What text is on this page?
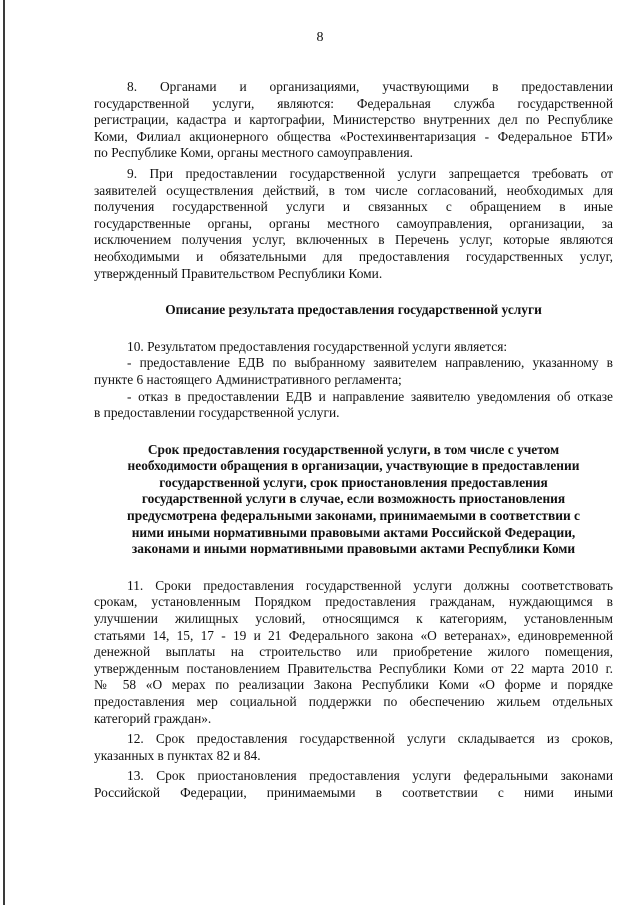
8

8. Органами и организациями, участвующими в предоставлении

государственной услуги, являются: Федеральная служба государственной

регистрации, кадастра и картографии, Министерство внутренних дел по Республике

Коми, Филиал акционерного общества «Ростехинвентаризация - Федеральное БТИ»

по Республике Коми, органы местного самоуправления.

9. При предоставлении государственной услуги запрещается требовать от

заявителей осуществления действий, в том числе согласований, необходимых для

получения государственной услуги и связанных с обращением в иные

государственные органы, органы местного самоуправления, организации, за

исключением получения услуг, включенных в Перечень услуг, которые являются

необходимыми и обязательными для предоставления государственных услуг,

утвержденный Правительством Республики Коми.

Описание результата предоставления государственной услуги

10. Результатом предоставления государственной услуги является:

- предоставление ЕДВ по выбранному заявителем направлению, указанному в

пункте 6 настоящего Административного регламента;

- отказ в предоставлении ЕДВ и направление заявителю уведомления об отказе

в предоставлении государственной услуги.

Срок предоставления государственной услуги, в том числе с учетом
необходимости обращения в организации, участвующие в предоставлении
государственной услуги, срок приостановления предоставления
государственной услуги в случае, если возможность приостановления
предусмотрена федеральными законами, принимаемыми в соответствии с
ними иными нормативными правовыми актами Российской Федерации,
законами и иными нормативными правовыми актами Республики Коми

11. Сроки предоставления государственной услуги должны соответствовать

срокам, установленным Порядком предоставления гражданам, нуждающимся в

улучшении жилищных условий, относящимся к категориям, установленным

статьями 14, 15, 17 - 19 и 21 Федерального закона «О ветеранах», единовременной

денежной выплаты на строительство или приобретение жилого помещения,

утвержденным постановлением Правительства Республики Коми от 22 марта 2010 г.

№ 58 «О мерах по реализации Закона Республики Коми «О форме и порядке

предоставления мер социальной поддержки по обеспечению жильем отдельных

категорий граждан».

12. Срок предоставления государственной услуги складывается из сроков,

указанных в пунктах 82 и 84.

13. Срок приостановления предоставления услуги федеральными законами

Российской Федерации, принимаемыми в соответствии с ними иными
